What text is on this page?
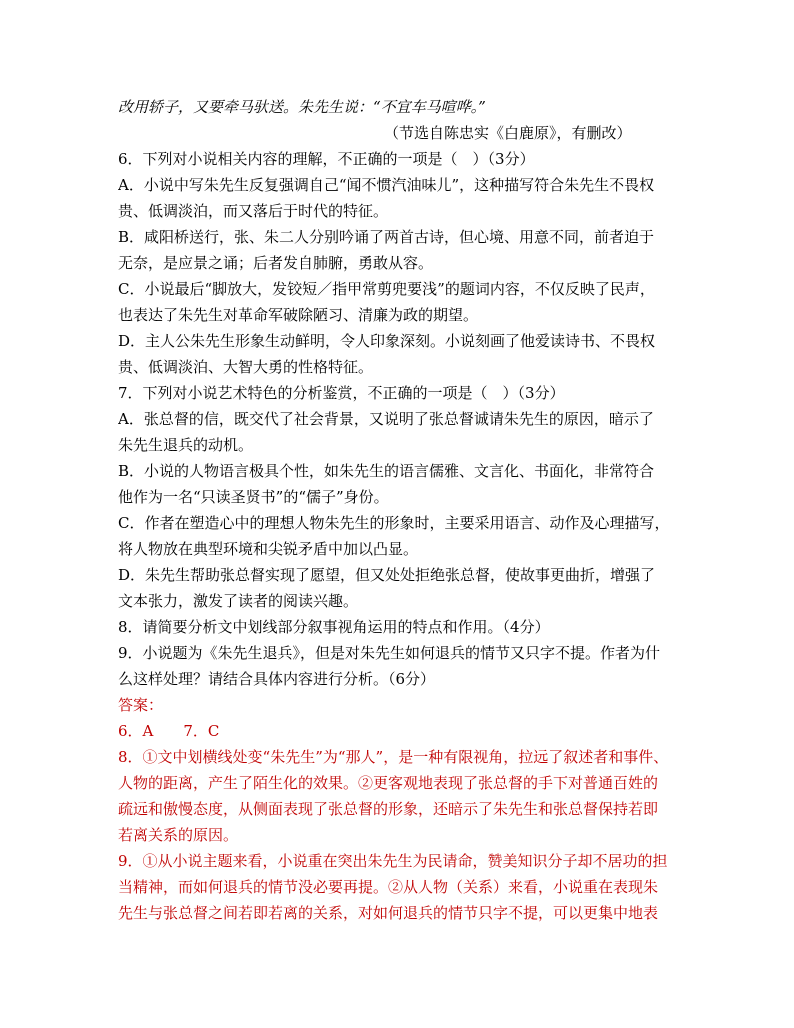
改用轿子，又要牵马驮送。朱先生说：“不宜车马喧哗。”
（节选自陈忠实《白鹿原》，有删改）
6．下列对小说相关内容的理解，不正确的一项是（　）（3分）
A．小说中写朱先生反复强调自己“闻不惯汽油味儿”，这种描写符合朱先生不畏权
贵、低调淡泊，而又落后于时代的特征。
B．咸阳桥送行，张、朱二人分别吟诵了两首古诗，但心境、用意不同，前者迫于
无奈，是应景之诵；后者发自肺腑，勇敢从容。
C．小说最后“脚放大，发铰短／指甲常剪兜要浅”的题词内容，不仅反映了民声，
也表达了朱先生对革命军破除陋习、清廉为政的期望。
D．主人公朱先生形象生动鲜明，令人印象深刻。小说刻画了他爱读诗书、不畏权
贵、低调淡泊、大智大勇的性格特征。
7．下列对小说艺术特色的分析鉴赏，不正确的一项是（　）（3分）
A．张总督的信，既交代了社会背景，又说明了张总督诚请朱先生的原因，暗示了
朱先生退兵的动机。
B．小说的人物语言极具个性，如朱先生的语言儒雅、文言化、书面化，非常符合
他作为一名“只读圣贤书”的“儒子”身份。
C．作者在塑造心中的理想人物朱先生的形象时，主要采用语言、动作及心理描写，
将人物放在典型环境和尖锐矛盾中加以凸显。
D．朱先生帮助张总督实现了愿望，但又处处拒绝张总督，使故事更曲折，增强了
文本张力，激发了读者的阅读兴趣。
8．请简要分析文中划线部分叙事视角运用的特点和作用。（4分）
9．小说题为《朱先生退兵》，但是对朱先生如何退兵的情节又只字不提。作者为什
么这样处理？请结合具体内容进行分析。（6分）
答案：
6．A　　7．C
8．①文中划横线处变“朱先生”为“那人”，是一种有限视角，拉远了叙述者和事件、
人物的距离，产生了陌生化的效果。②更客观地表现了张总督的手下对普通百姓的
疏远和傲慢态度，从侧面表现了张总督的形象，还暗示了朱先生和张总督保持若即
若离关系的原因。
9．①从小说主题来看，小说重在突出朱先生为民请命，赞美知识分子却不居功的担
当精神，而如何退兵的情节没必要再提。②从人物（关系）来看，小说重在表现朱
先生与张总督之间若即若离的关系，对如何退兵的情节只字不提，可以更集中地表
